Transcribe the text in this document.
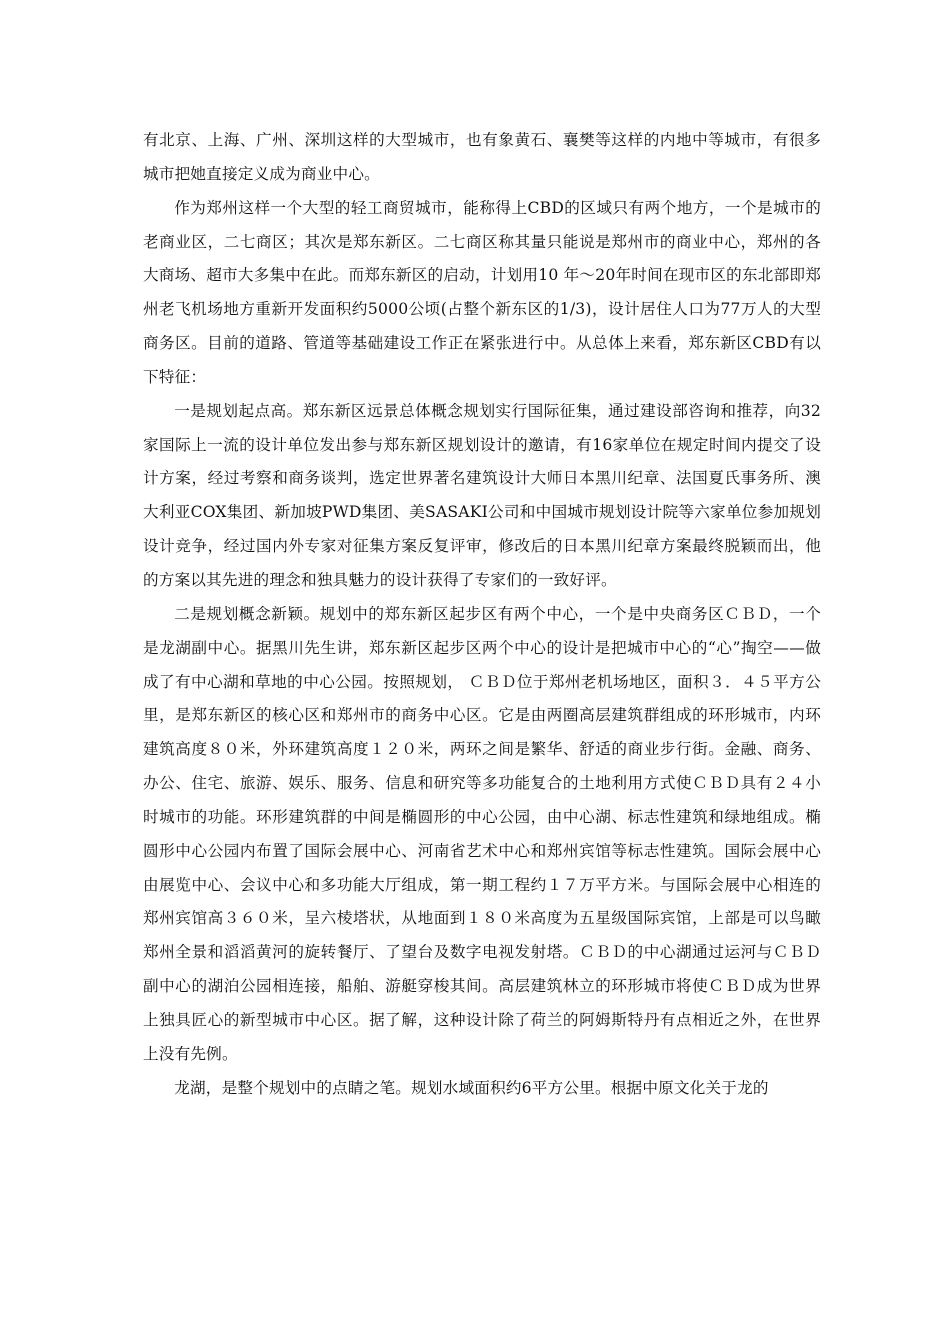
有北京、上海、广州、深圳这样的大型城市，也有象黄石、襄樊等这样的内地中等城市，有很多城市把她直接定义成为商业中心。

作为郑州这样一个大型的轻工商贸城市，能称得上CBD的区域只有两个地方，一个是城市的老商业区，二七商区；其次是郑东新区。二七商区称其量只能说是郑州市的商业中心，郑州的各大商场、超市大多集中在此。而郑东新区的启动，计划用10 年～20年时间在现市区的东北部即郑州老飞机场地方重新开发面积约5000公顷(占整个新东区的1/3)，设计居住人口为77万人的大型商务区。目前的道路、管道等基础建设工作正在紧张进行中。从总体上来看，郑东新区CBD有以下特征：

一是规划起点高。郑东新区远景总体概念规划实行国际征集，通过建设部咨询和推荐，向32家国际上一流的设计单位发出参与郑东新区规划设计的邀请，有16家单位在规定时间内提交了设计方案，经过考察和商务谈判，选定世界著名建筑设计大师日本黑川纪章、法国夏氏事务所、澳大利亚COX集团、新加坡PWD集团、美SASAKI公司和中国城市规划设计院等六家单位参加规划设计竞争，经过国内外专家对征集方案反复评审，修改后的日本黑川纪章方案最终脱颖而出，他的方案以其先进的理念和独具魅力的设计获得了专家们的一致好评。

二是规划概念新颖。规划中的郑东新区起步区有两个中心，一个是中央商务区ＣＢＤ，一个是龙湖副中心。据黑川先生讲，郑东新区起步区两个中心的设计是把城市中心的“心”掏空——做成了有中心湖和草地的中心公园。按照规划， ＣＢＤ位于郑州老机场地区，面积３．４５平方公里，是郑东新区的核心区和郑州市的商务中心区。它是由两圈高层建筑群组成的环形城市，内环建筑高度８０米，外环建筑高度１２０米，两环之间是繁华、舒适的商业步行街。金融、商务、办公、住宅、旅游、娱乐、服务、信息和研究等多功能复合的土地利用方式使ＣＢＤ具有２４小时城市的功能。环形建筑群的中间是椭圆形的中心公园，由中心湖、标志性建筑和绿地组成。椭圆形中心公园内布置了国际会展中心、河南省艺术中心和郑州宾馆等标志性建筑。国际会展中心由展览中心、会议中心和多功能大厅组成，第一期工程约１７万平方米。与国际会展中心相连的郑州宾馆高３６０米，呈六棱塔状，从地面到１８０米高度为五星级国际宾馆，上部是可以鸟瞰郑州全景和滔滔黄河的旋转餐厅、了望台及数字电视发射塔。ＣＢＤ的中心湖通过运河与ＣＢＤ副中心的湖泊公园相连接，船舶、游艇穿梭其间。高层建筑林立的环形城市将使ＣＢＤ成为世界上独具匠心的新型城市中心区。据了解，这种设计除了荷兰的阿姆斯特丹有点相近之外，在世界上没有先例。

龙湖，是整个规划中的点睛之笔。规划水域面积约6平方公里。根据中原文化关于龙的
